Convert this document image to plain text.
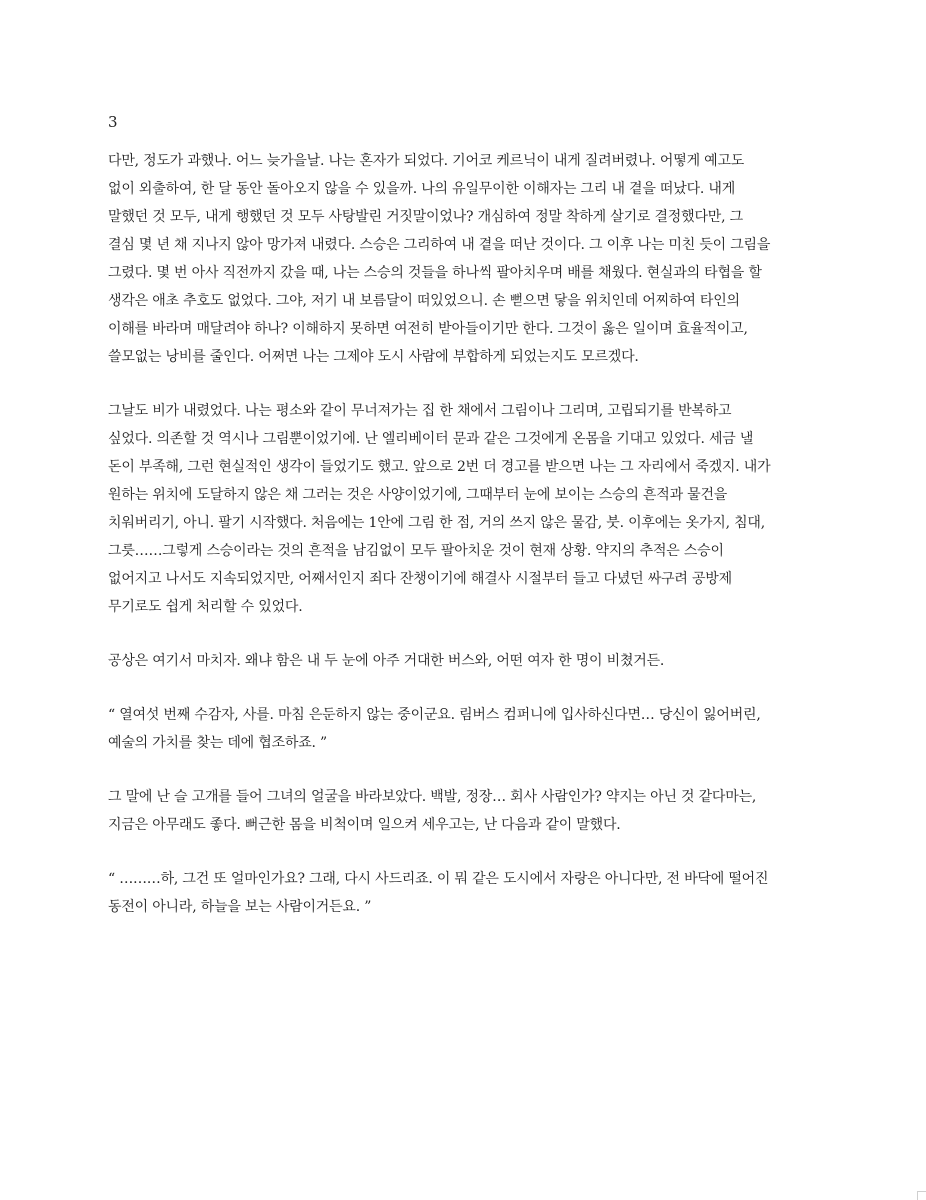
3

다만, 정도가 과했나. 어느 늦가을날. 나는 혼자가 되었다. 기어코 케르닉이 내게 질려버렸나. 어떻게 예고도
없이 외출하여, 한 달 동안 돌아오지 않을 수 있을까. 나의 유일무이한 이해자는 그리 내 곁을 떠났다. 내게
말했던 것 모두, 내게 행했던 것 모두 사탕발린 거짓말이었나? 개심하여 정말 착하게 살기로 결정했다만, 그
결심 몇 년 채 지나지 않아 망가져 내렸다. 스승은 그리하여 내 곁을 떠난 것이다. 그 이후 나는 미친 듯이 그림을
그렸다. 몇 번 아사 직전까지 갔을 때, 나는 스승의 것들을 하나씩 팔아치우며 배를 채웠다. 현실과의 타협을 할
생각은 애초 추호도 없었다. 그야, 저기 내 보름달이 떠있었으니. 손 뻗으면 닿을 위치인데 어찌하여 타인의
이해를 바라며 매달려야 하나? 이해하지 못하면 여전히 받아들이기만 한다. 그것이 옳은 일이며 효율적이고,
쓸모없는 낭비를 줄인다. 어쩌면 나는 그제야 도시 사람에 부합하게 되었는지도 모르겠다.

그날도 비가 내렸었다. 나는 평소와 같이 무너져가는 집 한 채에서 그림이나 그리며, 고립되기를 반복하고
싶었다. 의존할 것 역시나 그림뿐이었기에. 난 엘리베이터 문과 같은 그것에게 온몸을 기대고 있었다. 세금 낼
돈이 부족해, 그런 현실적인 생각이 들었기도 했고. 앞으로 2번 더 경고를 받으면 나는 그 자리에서 죽겠지. 내가
원하는 위치에 도달하지 않은 채 그러는 것은 사양이었기에, 그때부터 눈에 보이는 스승의 흔적과 물건을
치워버리기, 아니. 팔기 시작했다. 처음에는 1안에 그림 한 점, 거의 쓰지 않은 물감, 붓. 이후에는 옷가지, 침대,
그릇……그렇게 스승이라는 것의 흔적을 남김없이 모두 팔아치운 것이 현재 상황. 약지의 추적은 스승이
없어지고 나서도 지속되었지만, 어째서인지 죄다 잔챙이기에 해결사 시절부터 들고 다녔던 싸구려 공방제
무기로도 쉽게 처리할 수 있었다.

공상은 여기서 마치자. 왜냐 함은 내 두 눈에 아주 거대한 버스와, 어떤 여자 한 명이 비쳤거든.

“ 열여섯 번째 수감자, 사를. 마침 은둔하지 않는 중이군요. 림버스 컴퍼니에 입사하신다면… 당신이 잃어버린,
예술의 가치를 찾는 데에 협조하죠. ”

그 말에 난 슬 고개를 들어 그녀의 얼굴을 바라보았다. 백발, 정장… 회사 사람인가? 약지는 아닌 것 같다마는,
지금은 아무래도 좋다. 뻐근한 몸을 비척이며 일으켜 세우고는, 난 다음과 같이 말했다.

“ ………하, 그건 또 얼마인가요? 그래, 다시 사드리죠. 이 뭐 같은 도시에서 자랑은 아니다만, 전 바닥에 떨어진
동전이 아니라, 하늘을 보는 사람이거든요. ”
